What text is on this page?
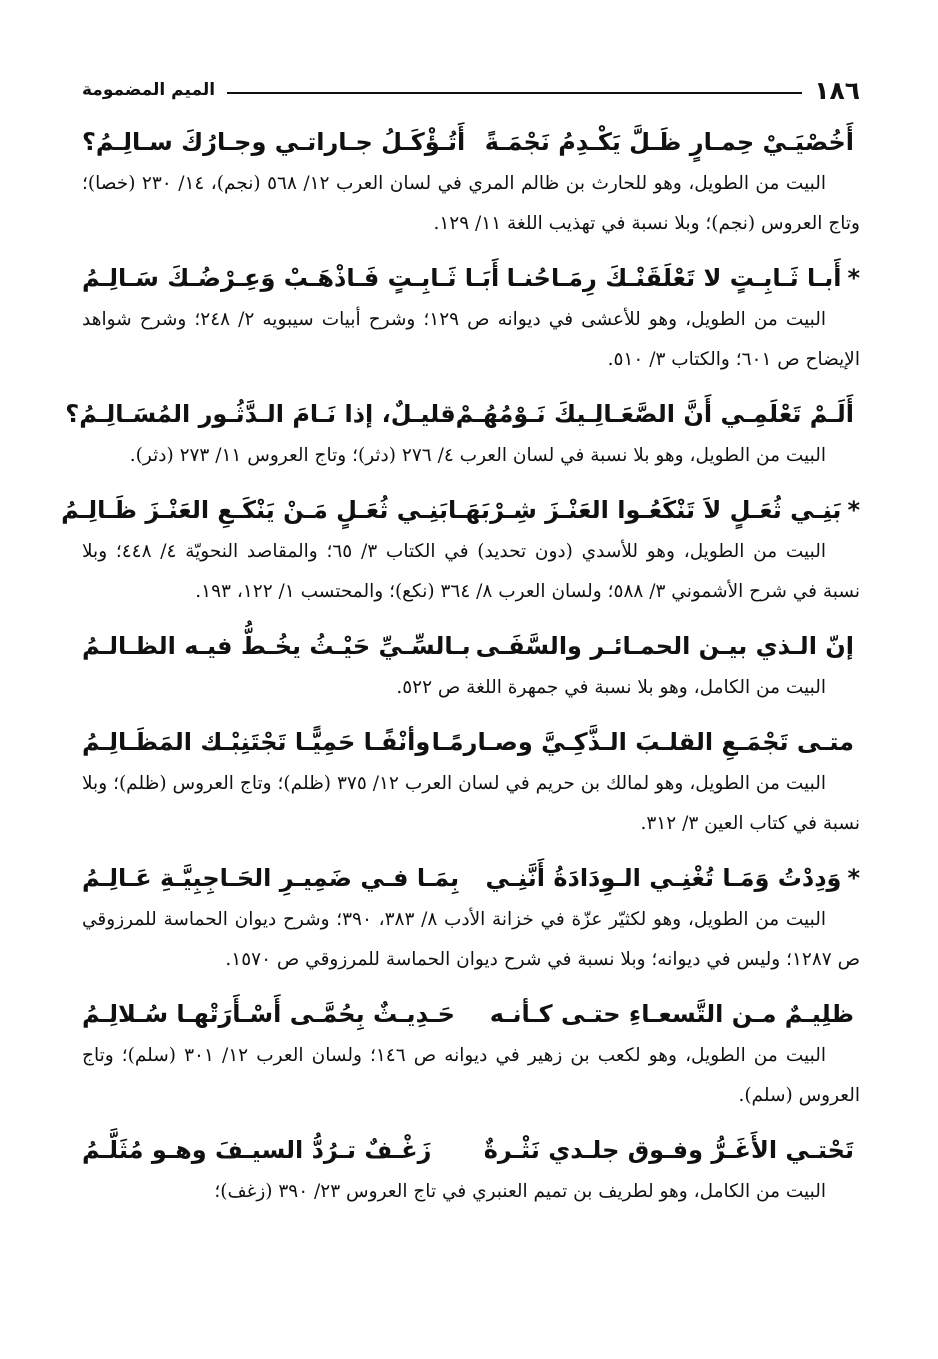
١٨٦
الميم المضمومة
أَخُصْيَـيْ حِمـارٍ ظَـلَّ يَكْـدِمُ نَجْمَـةً
أَتُـؤْكَـلُ جـاراتـي وجـارُكَ سـالِـمُ؟
البيت من الطويل، وهو للحارث بن ظالم المري في لسان العرب ١٢/ ٥٦٨ (نجم)، ١٤/ ٢٣٠ (خصا)؛ وتاج العروس (نجم)؛ وبلا نسبة في تهذيب اللغة ١١/ ١٢٩.
*أَبـا ثَـابِـتٍ لا تَعْلَقَنْـكَ رِمَـاحُنـا
أَبَـا ثَـابِـتٍ فَـاذْهَـبْ وَعِـرْضُـكَ سَـالِـمُ
البيت من الطويل، وهو للأعشى في ديوانه ص ١٢٩؛ وشرح أبيات سيبويه ٢/ ٢٤٨؛ وشرح شواهد الإيضاح ص ٦٠١؛ والكتاب ٣/ ٥١٠.
أَلَـمْ تَعْلَمِـي أَنَّ الصَّعَـالِـيكَ نَـوْمُهُـمْ
قليـلٌ، إذا نَـامَ الـدَّثُـور المُسَـالِـمُ؟
البيت من الطويل، وهو بلا نسبة في لسان العرب ٤/ ٢٧٦ (دثر)؛ وتاج العروس ١١/ ٢٧٣ (دثر).
*بَنِـي ثُعَـلٍ لاَ تَنْكَعُـوا العَنْـزَ شِـرْبَهَـا
بَنِـي ثُعَـلٍ مَـنْ يَنْكَـعِ العَنْـزَ ظَـالِـمُ
البيت من الطويل، وهو للأسدي (دون تحديد) في الكتاب ٣/ ٦٥؛ والمقاصد النحويّة ٤/ ٤٤٨؛ وبلا نسبة في شرح الأشموني ٣/ ٥٨٨؛ ولسان العرب ٨/ ٣٦٤ (نكع)؛ والمحتسب ١/ ١٢٢، ١٩٣.
إنّ الـذي بيـن الحمـائـر والسَّفَـى
بـالسِّـيِّ حَيْـثُ يخُـطُّ فيـه الظـالـمُ
البيت من الكامل، وهو بلا نسبة في جمهرة اللغة ص ٥٢٢.
متـى تَجْمَـعِ القلـبَ الـذَّكِـيَّ وصـارمًـا
وأنْفًـا حَمِيًّـا تَجْتَنِبْـك المَظَـالِـمُ
البيت من الطويل، وهو لمالك بن حريم في لسان العرب ١٢/ ٣٧٥ (ظلم)؛ وتاج العروس (ظلم)؛ وبلا نسبة في كتاب العين ٣/ ٣١٢.
*وَدِدْتُ وَمَـا تُغْنِـي الـوِدَادَةُ أَنَّنِـي
بِمَـا فـي ضَمِيـرِ الحَـاجِبِيَّـةِ عَـالِـمُ
البيت من الطويل، وهو لكثيّر عزّة في خزانة الأدب ٨/ ٣٨٣، ٣٩٠؛ وشرح ديوان الحماسة للمرزوقي ص ١٢٨٧؛ وليس في ديوانه؛ وبلا نسبة في شرح ديوان الحماسة للمرزوقي ص ١٥٧٠.
ظلِيـمٌ مـن التَّسعـاءِ حتـى كـأنـه
حَـدِيـثٌ بِحُمَّـى أَسْـأَرَتْهـا سُـلالِـمُ
البيت من الطويل، وهو لكعب بن زهير في ديوانه ص ١٤٦؛ ولسان العرب ١٢/ ٣٠١ (سلم)؛ وتاج العروس (سلم).
تَحْتـي الأَغَـرُّ وفـوق جلـدي نَثْـرةٌ
زَغْـفٌ تـرُدُّ السيـفَ وهـو مُثَلَّـمُ
البيت من الكامل، وهو لطريف بن تميم العنبري في تاج العروس ٢٣/ ٣٩٠ (زغف)؛
